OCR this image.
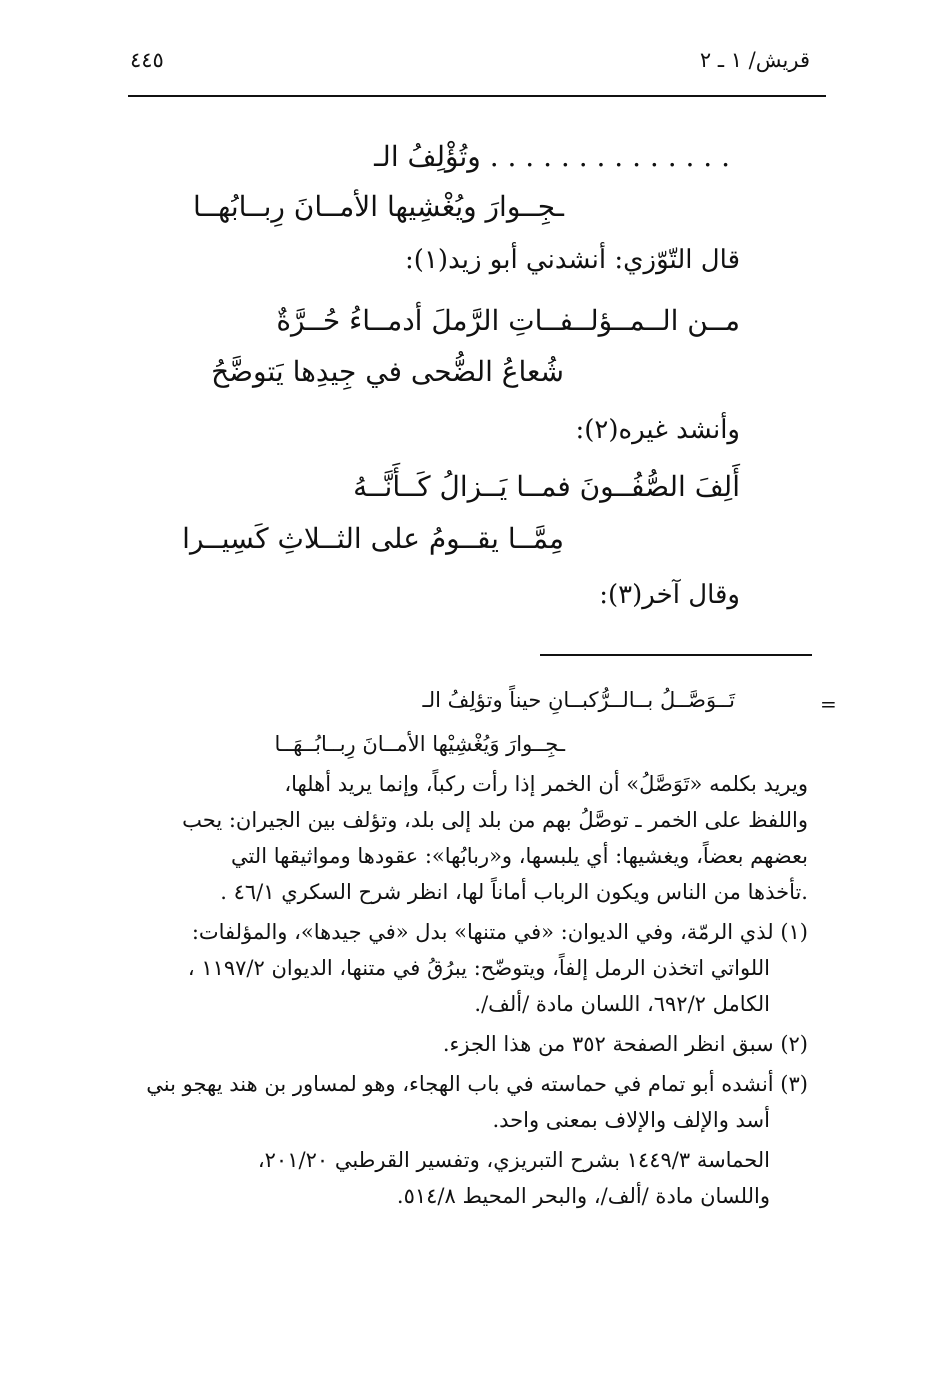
قريش/ ١ ـ ٢
٤٤٥
. . . . . . . . . . . . . . وتُؤْلِفُ الـ
ـجِــوارَ ويُغْشِيها الأمــانَ رِبــابُهــا
قال التّوّزي: أنشدني أبو زيد(١):
مــن الــمــؤلــفــاتِ الرَّملَ أدمــاءُ حُــرَّةٌ
شُعاعُ الضُّحى في جِيدِها يَتوضَّحُ
وأنشد غيره(٢):
أَلِفَ الصُّفُــونَ فمــا يَــزالُ كَــأَنَّــهُ
مِمَّــا يقــومُ على الثــلاثِ كَسِيــرا
وقال آخر(٣):
=
تَــوَصَّــلُ بــالــرُّكبــانِ حيناً وتؤلِفُ الـ
ـجِــوارَ وَيُغْشِيْها الأمــانَ رِبــابُــهَــا
ويريد بكلمه «تَوَصَّلُ» أن الخمر إذا رأت ركباً، وإنما يريد أهلها،
واللفظ على الخمر ـ توصَّلُ بهم من بلد إلى بلد، وتؤلف بين الجيران: يحب
بعضهم بعضاً، ويغشيها: أي يلبسها، و«ربابُها»: عقودها ومواثيقها التي
.تأخذها من الناس ويكون الرباب أماناً لها، انظر شرح السكري ٤٦/١ .
(١) لذي الرمّة، وفي الديوان: «في متنها» بدل «في جيدها»، والمؤلفات:
اللواتي اتخذن الرمل إلفاً، ويتوضّح: يبرُقُ في متنها، الديوان ١١٩٧/٢ ،
الكامل ٦٩٢/٢، اللسان مادة /ألف/.
(٢) سبق انظر الصفحة ٣٥٢ من هذا الجزء.
(٣) أنشده أبو تمام في حماسته في باب الهجاء، وهو لمساور بن هند يهجو بني
أسد والإلف والإلاف بمعنى واحد.
الحماسة ١٤٤٩/٣ بشرح التبريزي، وتفسير القرطبي ٢٠١/٢٠،
واللسان مادة /ألف/، والبحر المحيط ٥١٤/٨.
